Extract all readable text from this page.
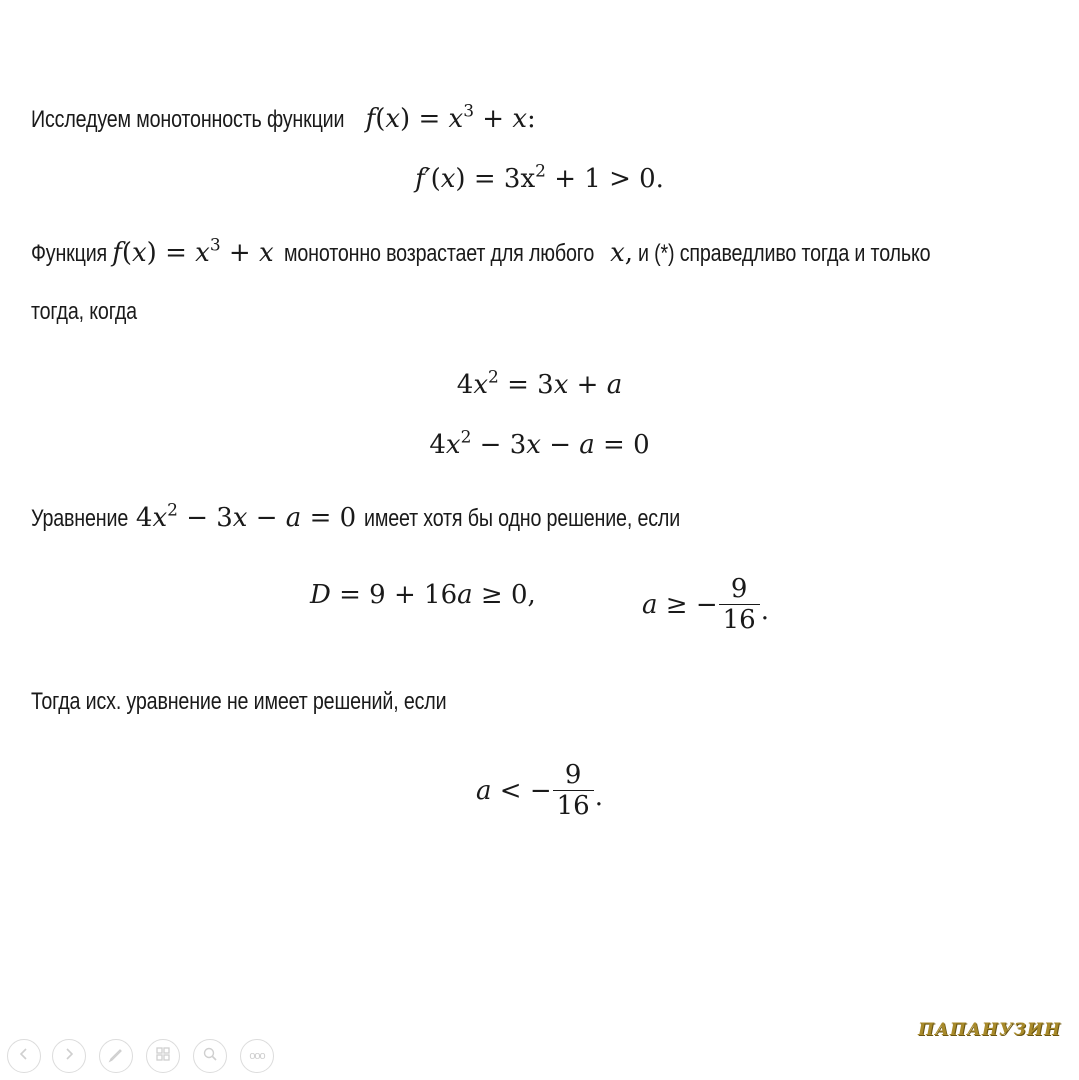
Исследуем монотонность функции $f(x) = x^3 + x$:
$f'(x) = 3x^2 + 1 > 0$.
Функция $f(x) = x^3 + x$ монотонно возрастает для любого x, и (*) справедливо тогда и только
тогда, когда
$4x^2 = 3x + a$
$4x^2 - 3x - a = 0$
Уравнение $4x^2 - 3x - a = 0$ имеет хотя бы одно решение, если
D = 9 + 16a ≥ 0,	a ≥ − $\frac{9}{16}$ .
Тогда исх. уравнение не имеет решений, если
a < − $\frac{9}{16}$ .
ПАПАНУЗИН
ooo
